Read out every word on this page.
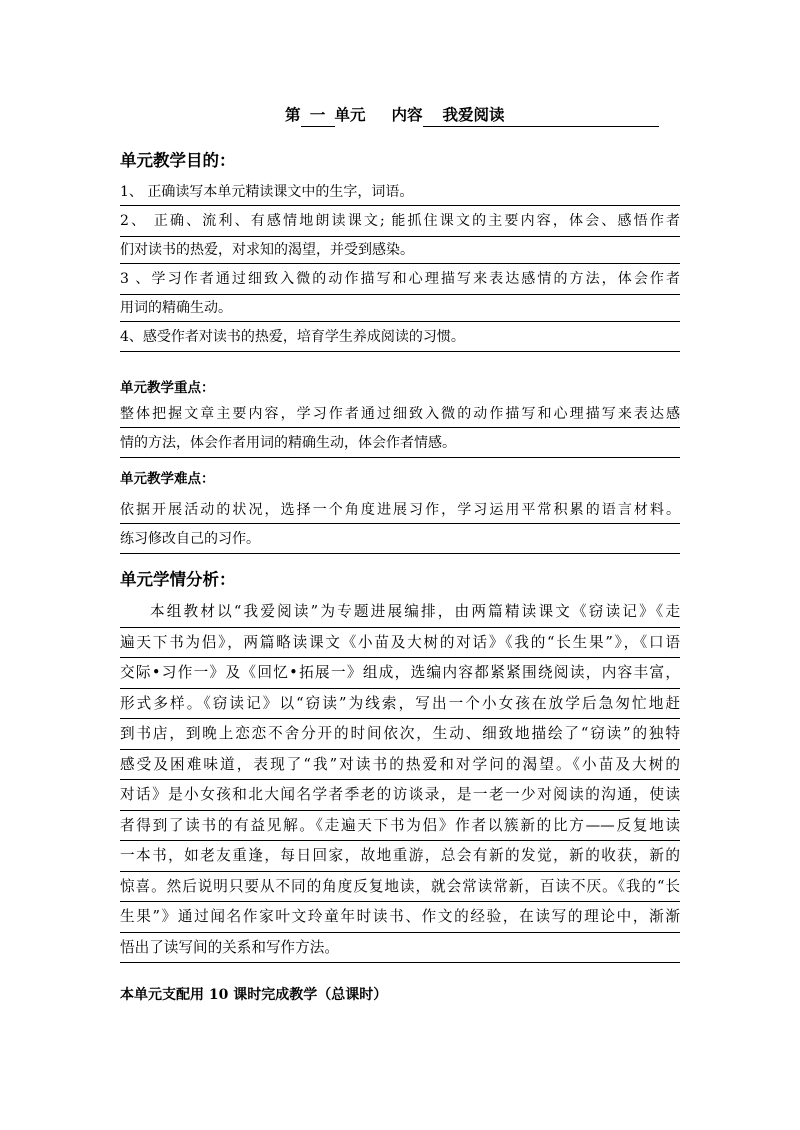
第 一 单元 内容 我爱阅读
单元教学目的：
1、 正确读写本单元精读课文中的生字，词语。
2、 正确、流利、有感情地朗读课文; 能抓住课文的主要内容，体会、感悟作者
们对读书的热爱，对求知的渴望，并受到感染。
3 、学习作者通过细致入微的动作描写和心理描写来表达感情的方法，体会作者
用词的精确生动。
4、感受作者对读书的热爱，培育学生养成阅读的习惯。
单元教学重点：
整体把握文章主要内容，学习作者通过细致入微的动作描写和心理描写来表达感
情的方法，体会作者用词的精确生动，体会作者情感。
单元教学难点：
依据开展活动的状况，选择一个角度进展习作，学习运用平常积累的语言材料。
练习修改自己的习作。
单元学情分析：
本组教材以“我爱阅读”为专题进展编排，由两篇精读课文《窃读记》《走
遍天下书为侣》，两篇略读课文《小苗及大树的对话》《我的“长生果”》，《口语
交际•习作一》及《回忆•拓展一》组成，选编内容都紧紧围绕阅读，内容丰富，
形式多样。《窃读记》以“窃读”为线索，写出一个小女孩在放学后急匆忙地赶
到书店，到晚上恋恋不舍分开的时间依次，生动、细致地描绘了“窃读”的独特
感受及困难味道，表现了“我”对读书的热爱和对学问的渴望。《小苗及大树的
对话》是小女孩和北大闻名学者季老的访谈录，是一老一少对阅读的沟通，使读
者得到了读书的有益见解。《走遍天下书为侣》作者以簇新的比方——反复地读
一本书，如老友重逢，每日回家，故地重游，总会有新的发觉，新的收获，新的
惊喜。然后说明只要从不同的角度反复地读，就会常读常新，百读不厌。《我的“长
生果”》通过闻名作家叶文玲童年时读书、作文的经验，在读写的理论中，渐渐
悟出了读写间的关系和写作方法。
本单元支配用 10 课时完成教学（总课时）
